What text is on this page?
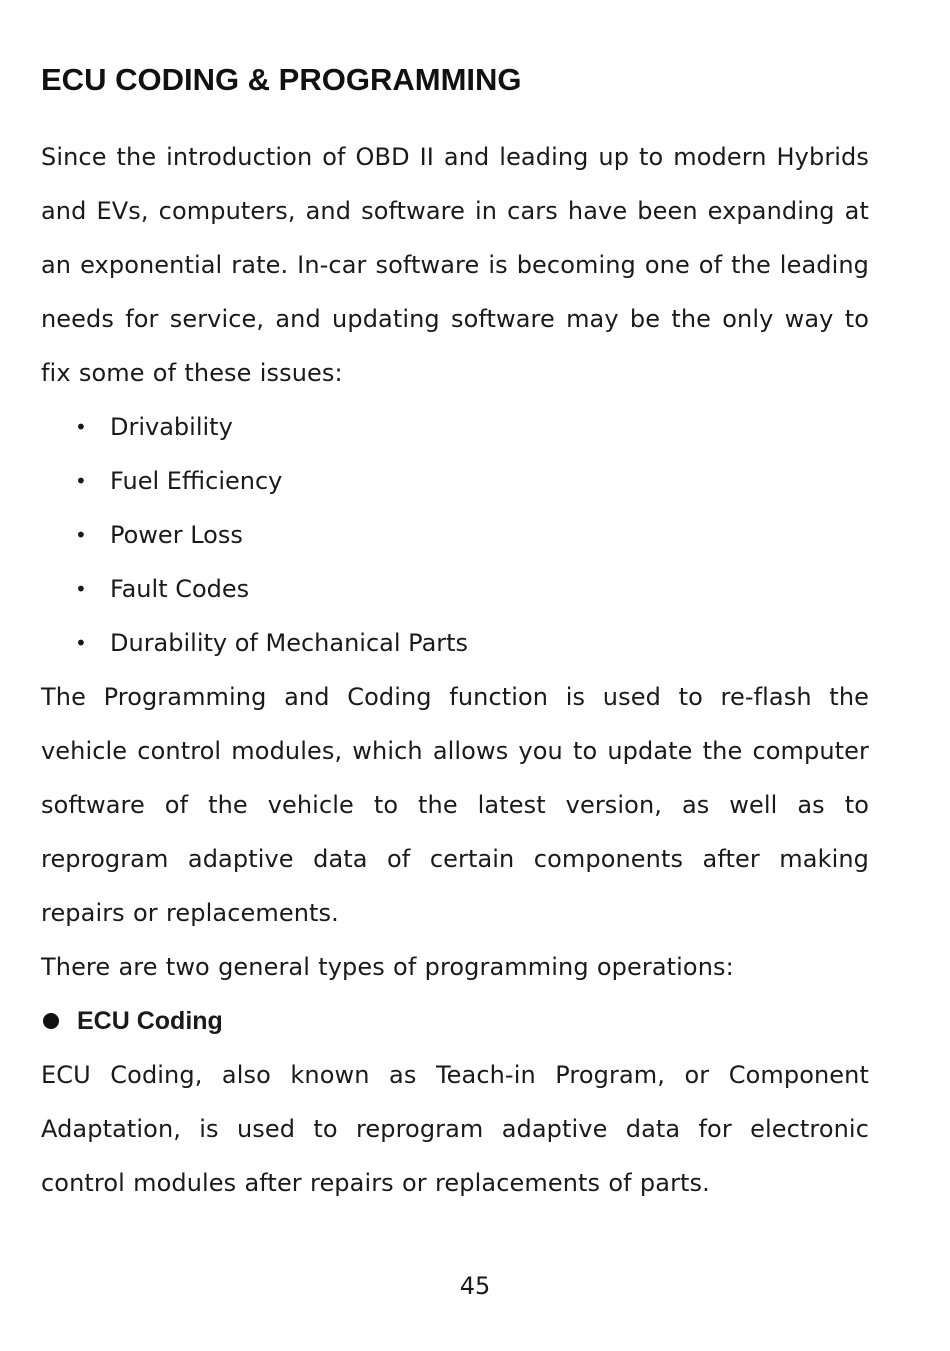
ECU CODING & PROGRAMMING

Since the introduction of OBD II and leading up to modern Hybrids and EVs, computers, and software in cars have been expanding at an exponential rate. In-car software is becoming one of the leading needs for service, and updating software may be the only way to fix some of these issues:

• Drivability
• Fuel Efficiency
• Power Loss
• Fault Codes
• Durability of Mechanical Parts

The Programming and Coding function is used to re-flash the vehicle control modules, which allows you to update the computer software of the vehicle to the latest version, as well as to reprogram adaptive data of certain components after making repairs or replacements.

There are two general types of programming operations:

ECU Coding

ECU Coding, also known as Teach-in Program, or Component Adaptation, is used to reprogram adaptive data for electronic control modules after repairs or replacements of parts.

45
